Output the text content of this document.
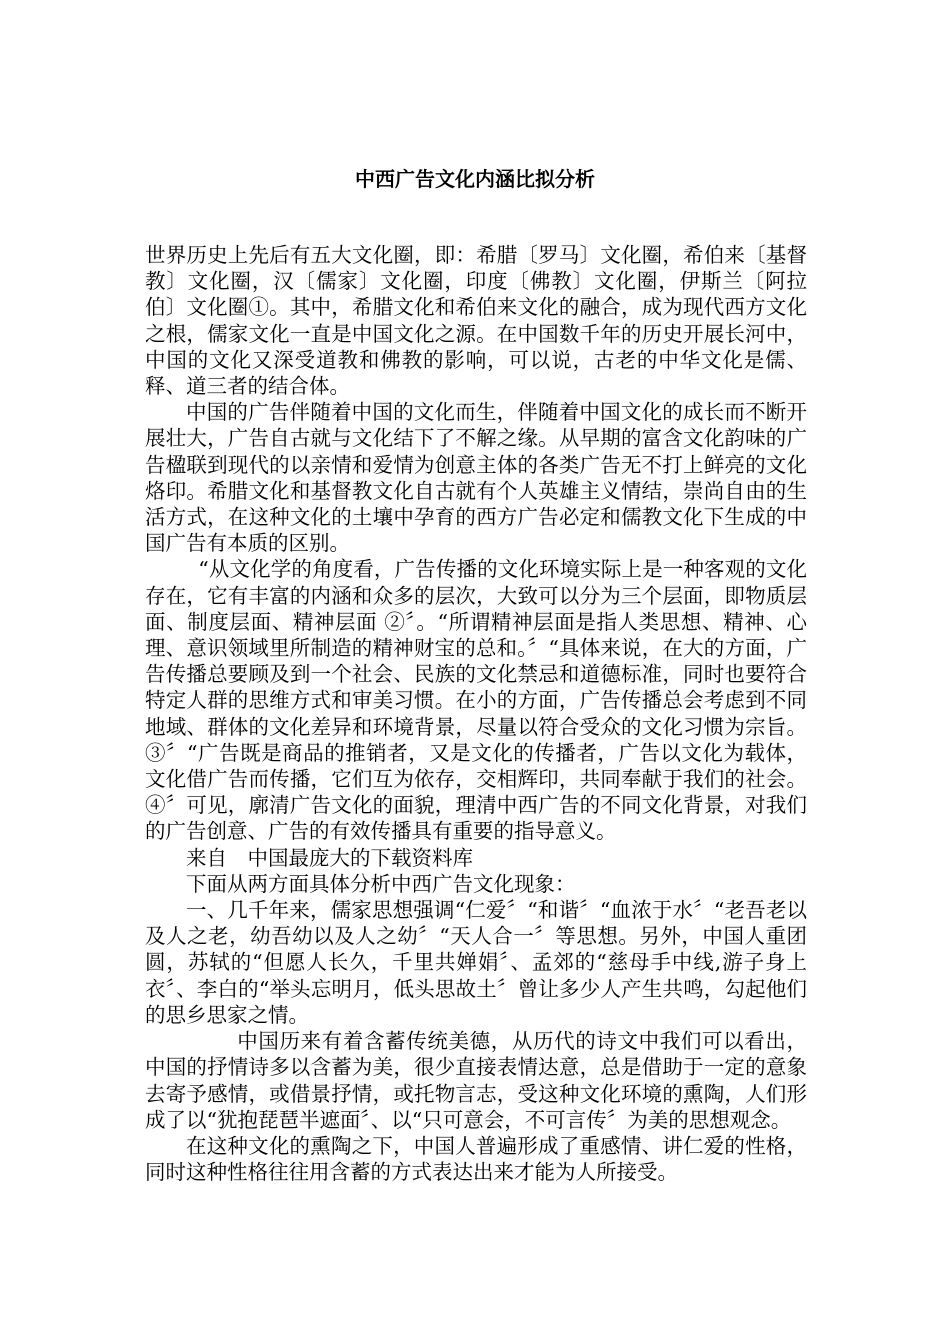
中西广告文化内涵比拟分析

世界历史上先后有五大文化圈，即：希腊〔罗马〕文化圈，希伯来〔基督教〕文化圈，汉〔儒家〕文化圈，印度〔佛教〕文化圈，伊斯兰〔阿拉伯〕文化圈①。其中，希腊文化和希伯来文化的融合，成为现代西方文化之根，儒家文化一直是中国文化之源。在中国数千年的历史开展长河中，中国的文化又深受道教和佛教的影响，可以说，古老的中华文化是儒、释、道三者的结合体。

中国的广告伴随着中国的文化而生，伴随着中国文化的成长而不断开展壮大，广告自古就与文化结下了不解之缘。从早期的富含文化韵味的广告楹联到现代的以亲情和爱情为创意主体的各类广告无不打上鲜亮的文化烙印。希腊文化和基督教文化自古就有个人英雄主义情结，崇尚自由的生活方式，在这种文化的土壤中孕育的西方广告必定和儒教文化下生成的中国广告有本质的区别。

“从文化学的角度看，广告传播的文化环境实际上是一种客观的文化存在，它有丰富的内涵和众多的层次，大致可以分为三个层面，即物质层面、制度层面、精神层面 ②〞。“所谓精神层面是指人类思想、精神、心理、意识领域里所制造的精神财宝的总和。〞“具体来说，在大的方面，广告传播总要顾及到一个社会、民族的文化禁忌和道德标准，同时也要符合特定人群的思维方式和审美习惯。在小的方面，广告传播总会考虑到不同地域、群体的文化差异和环境背景，尽量以符合受众的文化习惯为宗旨。③〞“广告既是商品的推销者，又是文化的传播者，广告以文化为载体，文化借广告而传播，它们互为依存，交相辉印，共同奉献于我们的社会。④〞可见，廓清广告文化的面貌，理清中西广告的不同文化背景，对我们的广告创意、广告的有效传播具有重要的指导意义。

来自　中国最庞大的下载资料库

下面从两方面具体分析中西广告文化现象：

一、几千年来，儒家思想强调“仁爱〞“和谐〞“血浓于水〞“老吾老以及人之老，幼吾幼以及人之幼〞“天人合一〞等思想。另外，中国人重团圆，苏轼的“但愿人长久，千里共婵娟〞、孟郊的“慈母手中线,游子身上衣〞、李白的“举头忘明月，低头思故土〞曾让多少人产生共鸣，勾起他们的思乡思家之情。

中国历来有着含蓄传统美德，从历代的诗文中我们可以看出，中国的抒情诗多以含蓄为美，很少直接表情达意，总是借助于一定的意象去寄予感情，或借景抒情，或托物言志，受这种文化环境的熏陶，人们形成了以“犹抱琵琶半遮面〞、以“只可意会，不可言传〞为美的思想观念。

在这种文化的熏陶之下，中国人普遍形成了重感情、讲仁爱的性格，同时这种性格往往用含蓄的方式表达出来才能为人所接受。
